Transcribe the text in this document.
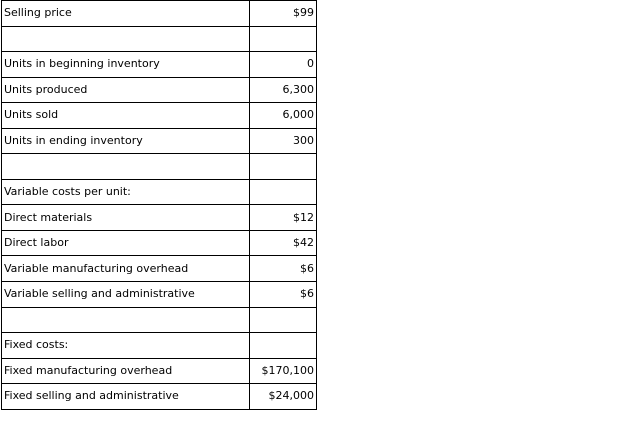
Selling price	$99

Units in beginning inventory	0
Units produced	6,300
Units sold	6,000
Units in ending inventory	300

Variable costs per unit:	
Direct materials	$12
Direct labor	$42
Variable manufacturing overhead	$6
Variable selling and administrative	$6

Fixed costs:	
Fixed manufacturing overhead	$170,100
Fixed selling and administrative	$24,000
